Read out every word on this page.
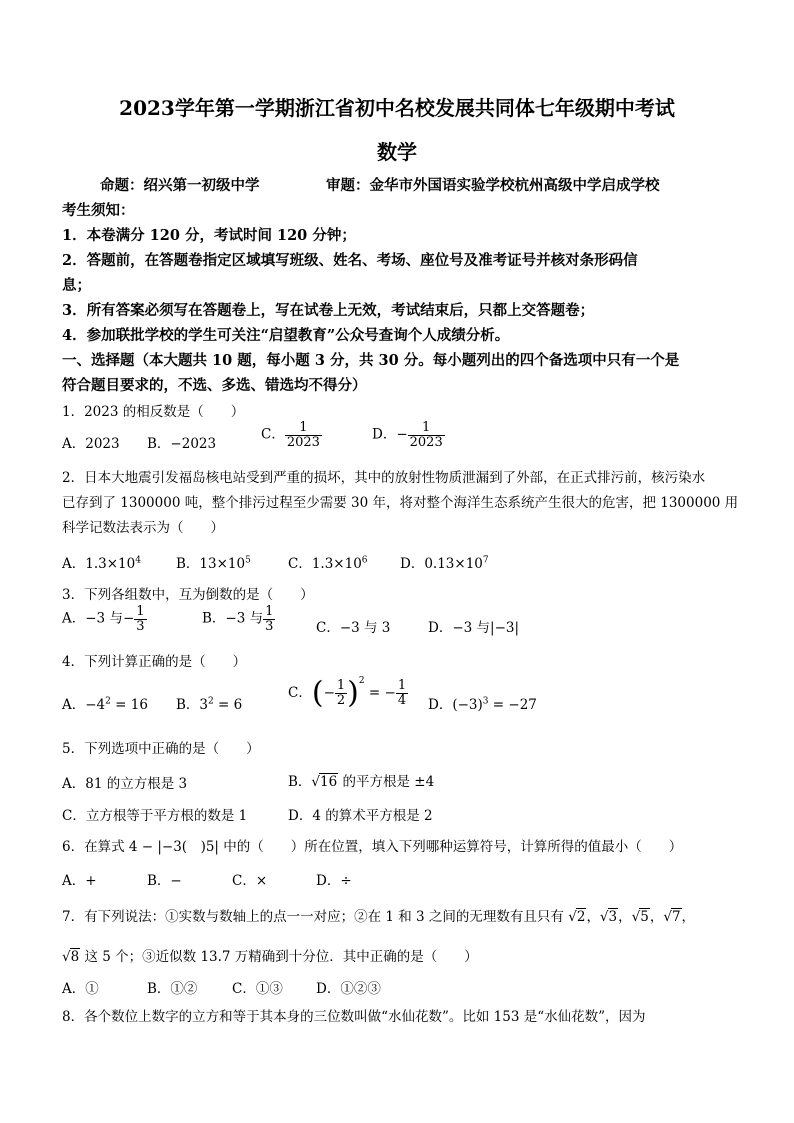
2023学年第一学期浙江省初中名校发展共同体七年级期中考试
数学
命题：绍兴第一初级中学	审题：金华市外国语实验学校杭州高级中学启成学校
考生须知：
1．本卷满分 120 分，考试时间 120 分钟；
2．答题前，在答题卷指定区域填写班级、姓名、考场、座位号及准考证号并核对条形码信
息；
3．所有答案必须写在答题卷上，写在试卷上无效，考试结束后，只都上交答题卷；
4．参加联批学校的学生可关注“启望教育”公众号查询个人成绩分析。
一、选择题（本大题共 10 题，每小题 3 分，共 30 分。每小题列出的四个备选项中只有一个是
符合题目要求的，不选、多选、错选均不得分）
1．2023 的相反数是（　　）
A．2023 B．−2023
C． $\frac{1}{2023}$	D．− $\frac{1}{2023}$
2．日本大地震引发福岛核电站受到严重的损坏，其中的放射性物质泄漏到了外部，在正式排污前，核污染水
已存到了 1300000 吨，整个排污过程至少需要 30 年，将对整个海洋生态系统产生很大的危害，把 1300000 用
科学记数法表示为（　　）
A．$1.3\times 10^4$	B．$13\times 10^5$	C．$1.3\times 10^6$ D．$0.13\times 10^7$
3．下列各组数中，互为倒数的是（　　）
A．−3 与− $\frac{1}{3}$	B．−3 与 $\frac{1}{3}$	C．−3 与 3	D．−3 与|−3|
4．下列计算正确的是（　　）
A．$-4^2 = 16$ B．$3^2 = 6$
C．(− $\frac{1}{2} )^2$ = − $\frac{1}{4}$ D．$(-3)^3 = -27$
5．下列选项中正确的是（　　）
A．81 的立方根是 3	B．√16 的平方根是 ±4
C．立方根等于平方根的数是 1	D．4 的算术平方根是 2
6．在算式 4 − |−3(　)5| 中的（　　）所在位置，填入下列哪种运算符号，计算所得的值最小（　　）
A．+	B．−	C．×	D．÷
7．有下列说法：①实数与数轴上的点一一对应；②在 1 和 3 之间的无理数有且只有 √2，√3，√5，√7，
√8 这 5 个；③近似数 13.7 万精确到十分位．其中正确的是（　　）
A．①	B．①②	C．①③ D．①②③
8．各个数位上数字的立方和等于其本身的三位数叫做“水仙花数”。比如 153 是“水仙花数”，因为
